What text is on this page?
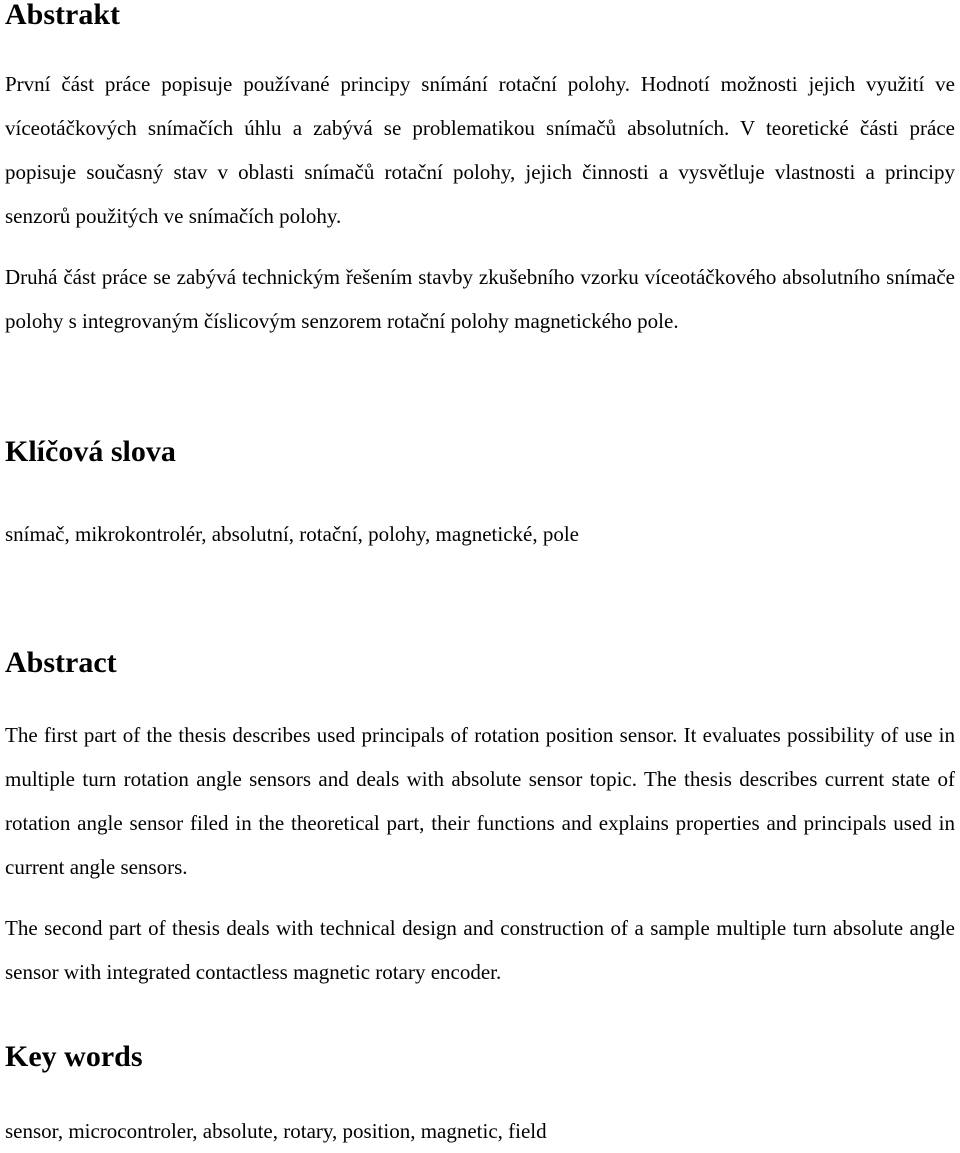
Abstrakt

První část práce popisuje používané principy snímání rotační polohy. Hodnotí možnosti jejich využití ve víceotáčkových snímačích úhlu a zabývá se problematikou snímačů absolutních. V teoretické části práce popisuje současný stav v oblasti snímačů rotační polohy, jejich činnosti a vysvětluje vlastnosti a principy senzorů použitých ve snímačích polohy.

Druhá část práce se zabývá technickým řešením stavby zkušebního vzorku víceotáčkového absolutního snímače polohy s integrovaným číslicovým senzorem rotační polohy magnetického pole.

Klíčová slova

snímač, mikrokontrolér, absolutní, rotační, polohy, magnetické, pole

Abstract

The first part of the thesis describes used principals of rotation position sensor. It evaluates possibility of use in multiple turn rotation angle sensors and deals with absolute sensor topic. The thesis describes current state of rotation angle sensor filed in the theoretical part, their functions and explains properties and principals used in current angle sensors.

The second part of thesis deals with technical design and construction of a sample multiple turn absolute angle sensor with integrated contactless magnetic rotary encoder.

Key words

sensor, microcontroler, absolute, rotary, position, magnetic, field
